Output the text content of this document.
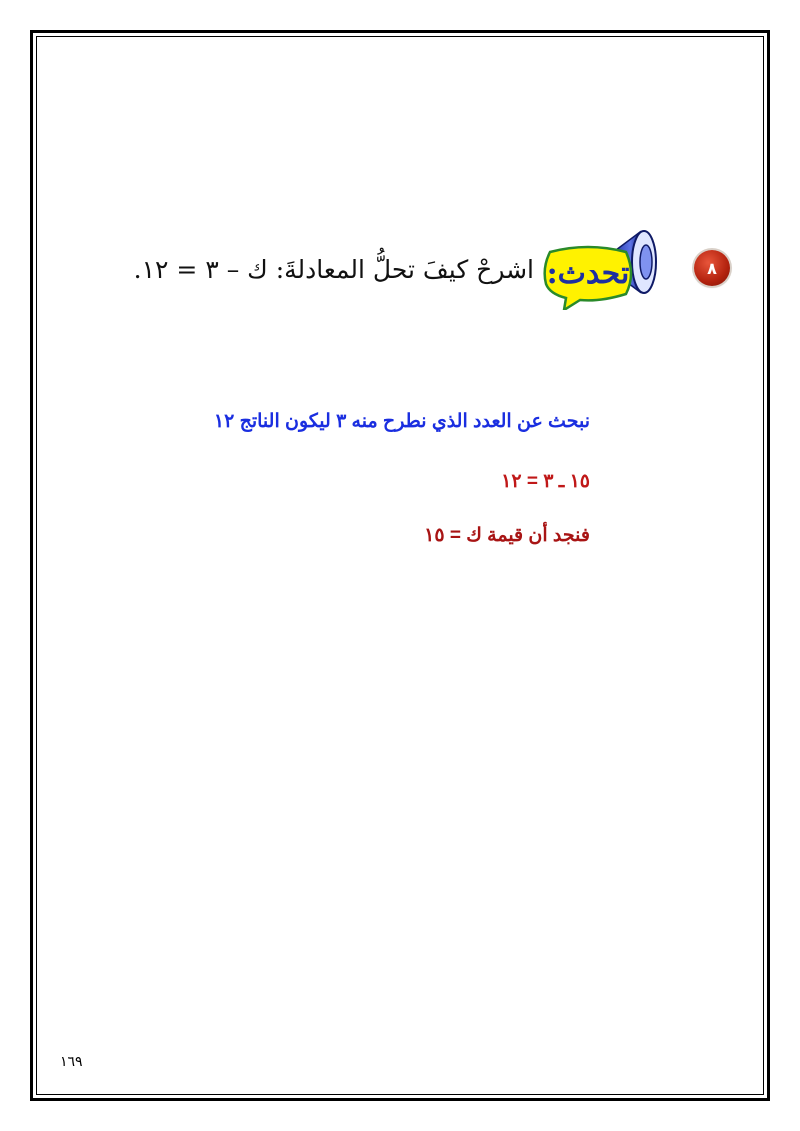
٨
تحدث:
اشرحْ كيفَ تحلُّ المعادلةَ: ك – ٣ = ١٢.
نبحث عن العدد الذي نطرح منه ٣ ليكون الناتج ١٢
١٥ ـ ٣ = ١٢
فنجد أن قيمة ك = ١٥
١٦٩
